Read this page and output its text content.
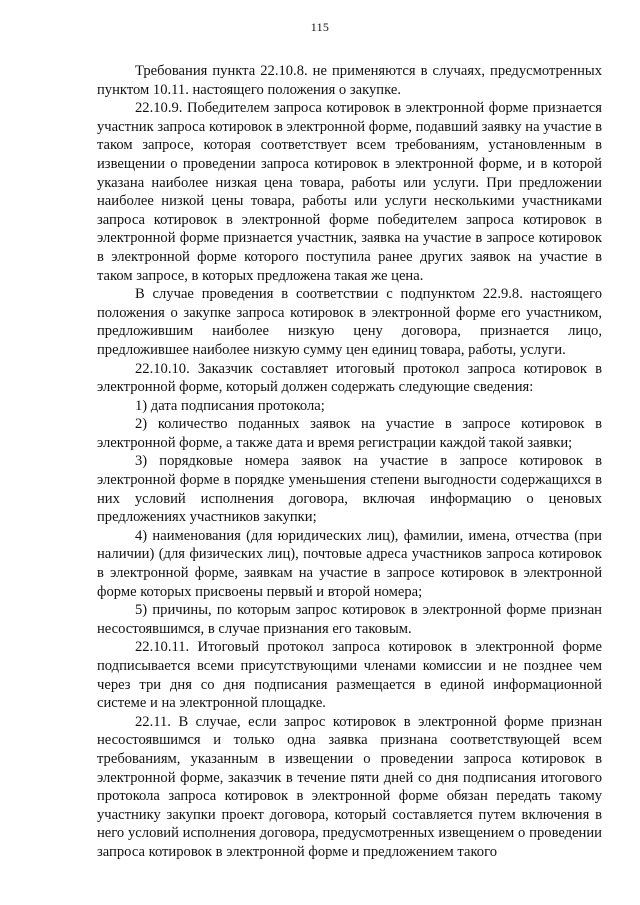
115

Требования пункта 22.10.8. не применяются в случаях, предусмотренных пунктом 10.11. настоящего положения о закупке.

22.10.9. Победителем запроса котировок в электронной форме признается участник запроса котировок в электронной форме, подавший заявку на участие в таком запросе, которая соответствует всем требованиям, установленным в извещении о проведении запроса котировок в электронной форме, и в которой указана наиболее низкая цена товара, работы или услуги. При предложении наиболее низкой цены товара, работы или услуги несколькими участниками запроса котировок в электронной форме победителем запроса котировок в электронной форме признается участник, заявка на участие в запросе котировок в электронной форме которого поступила ранее других заявок на участие в таком запросе, в которых предложена такая же цена.

В случае проведения в соответствии с подпунктом 22.9.8. настоящего положения о закупке запроса котировок в электронной форме его участником, предложившим наиболее низкую цену договора, признается лицо, предложившее наиболее низкую сумму цен единиц товара, работы, услуги.

22.10.10. Заказчик составляет итоговый протокол запроса котировок в электронной форме, который должен содержать следующие сведения:

1) дата подписания протокола;

2) количество поданных заявок на участие в запросе котировок в электронной форме, а также дата и время регистрации каждой такой заявки;

3) порядковые номера заявок на участие в запросе котировок в электронной форме в порядке уменьшения степени выгодности содержащихся в них условий исполнения договора, включая информацию о ценовых предложениях участников закупки;

4) наименования (для юридических лиц), фамилии, имена, отчества (при наличии) (для физических лиц), почтовые адреса участников запроса котировок в электронной форме, заявкам на участие в запросе котировок в электронной форме которых присвоены первый и второй номера;

5) причины, по которым запрос котировок в электронной форме признан несостоявшимся, в случае признания его таковым.

22.10.11. Итоговый протокол запроса котировок в электронной форме подписывается всеми присутствующими членами комиссии и не позднее чем через три дня со дня подписания размещается в единой информационной системе и на электронной площадке.

22.11. В случае, если запрос котировок в электронной форме признан несостоявшимся и только одна заявка признана соответствующей всем требованиям, указанным в извещении о проведении запроса котировок в электронной форме, заказчик в течение пяти дней со дня подписания итогового протокола запроса котировок в электронной форме обязан передать такому участнику закупки проект договора, который составляется путем включения в него условий исполнения договора, предусмотренных извещением о проведении запроса котировок в электронной форме и предложением такого
